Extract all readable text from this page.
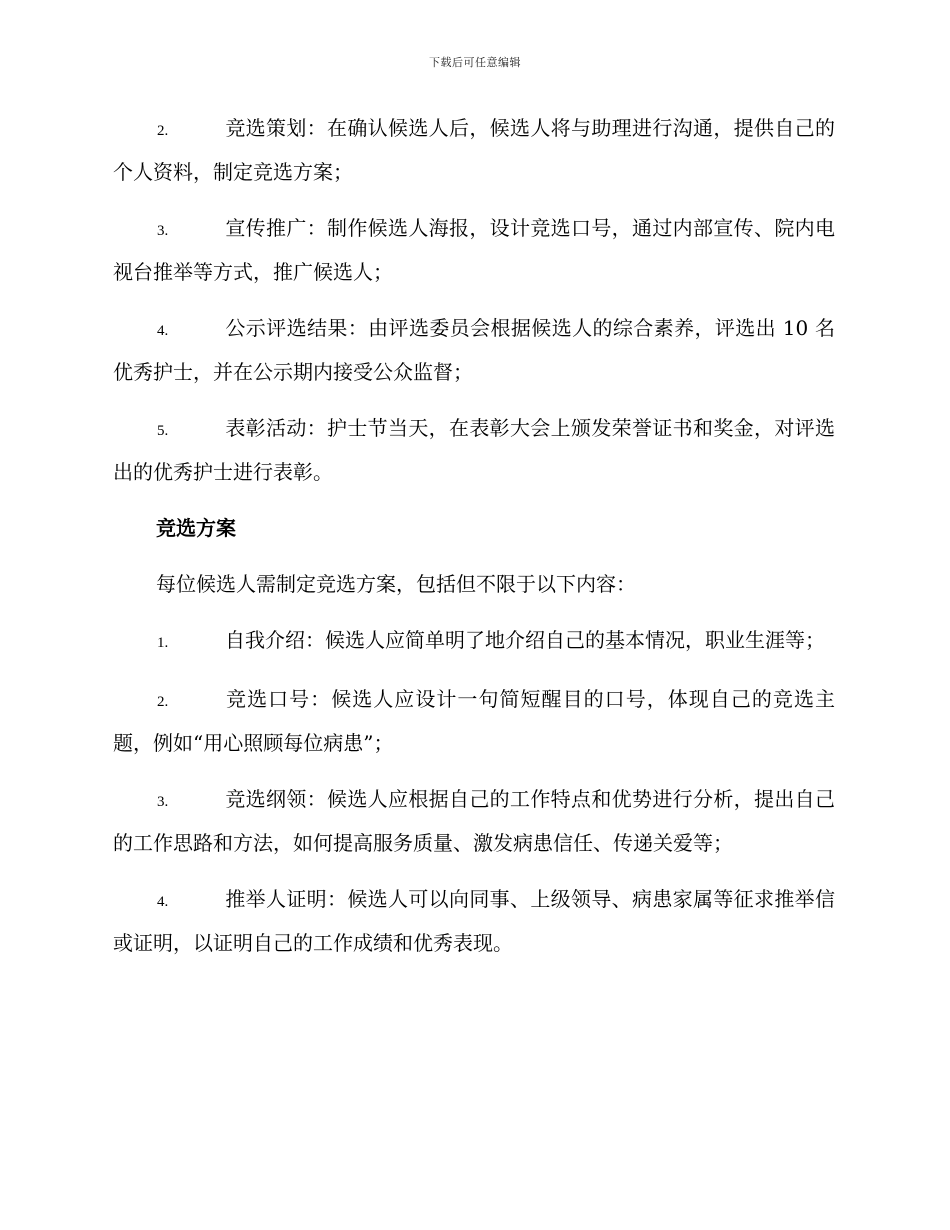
下载后可任意编辑

2.	竞选策划：在确认候选人后，候选人将与助理进行沟通，提供自己的个人资料，制定竞选方案；

3.	宣传推广：制作候选人海报，设计竞选口号，通过内部宣传、院内电视台推举等方式，推广候选人；

4.	公示评选结果：由评选委员会根据候选人的综合素养，评选出 10 名优秀护士，并在公示期内接受公众监督；

5.	表彰活动：护士节当天，在表彰大会上颁发荣誉证书和奖金，对评选出的优秀护士进行表彰。

竞选方案

每位候选人需制定竞选方案，包括但不限于以下内容：

1.	自我介绍：候选人应简单明了地介绍自己的基本情况，职业生涯等；

2.	竞选口号：候选人应设计一句简短醒目的口号，体现自己的竞选主题，例如“用心照顾每位病患”；

3.	竞选纲领：候选人应根据自己的工作特点和优势进行分析，提出自己的工作思路和方法，如何提高服务质量、激发病患信任、传递关爱等；

4.	推举人证明：候选人可以向同事、上级领导、病患家属等征求推举信或证明，以证明自己的工作成绩和优秀表现。
